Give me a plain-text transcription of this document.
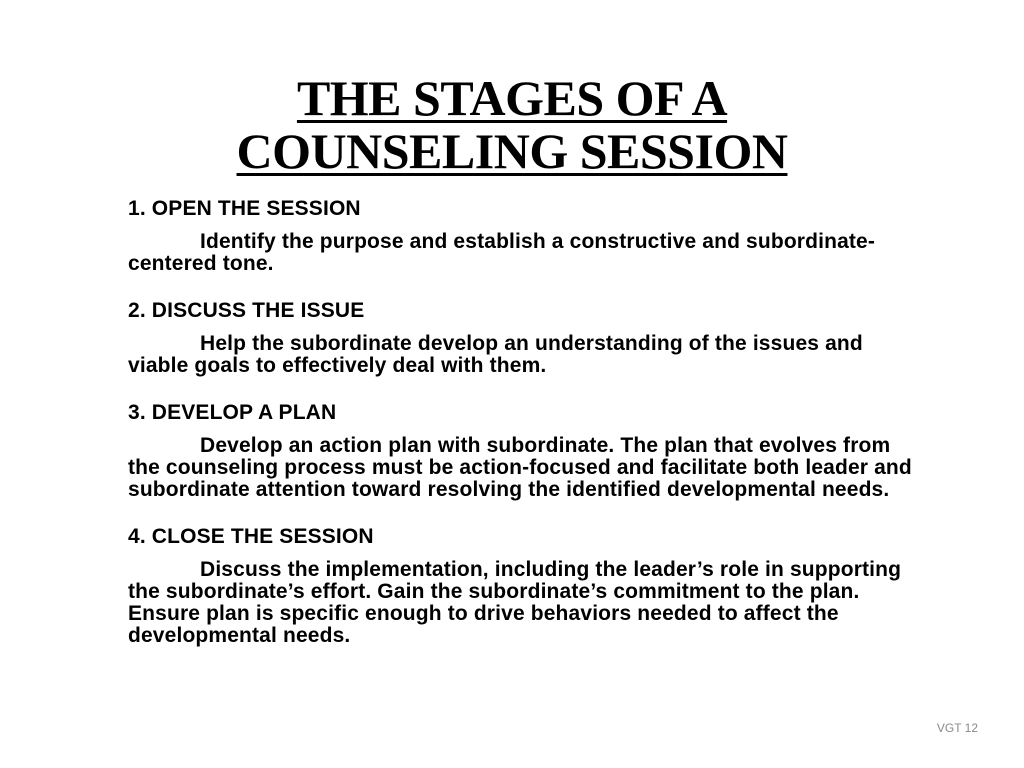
THE STAGES OF A
COUNSELING SESSION
1. OPEN THE SESSION
Identify the purpose and establish a constructive and subordinate-centered tone.
2. DISCUSS THE ISSUE
Help the subordinate develop an understanding of the issues and viable goals to effectively deal with them.
3. DEVELOP A PLAN
Develop an action plan with subordinate. The plan that evolves from the counseling process must be action-focused and facilitate both leader and subordinate attention toward resolving the identified developmental needs.
4. CLOSE THE SESSION
Discuss the implementation, including the leader’s role in supporting the subordinate’s effort. Gain the subordinate’s commitment to the plan. Ensure plan is specific enough to drive behaviors needed to affect the developmental needs.
VGT 12
